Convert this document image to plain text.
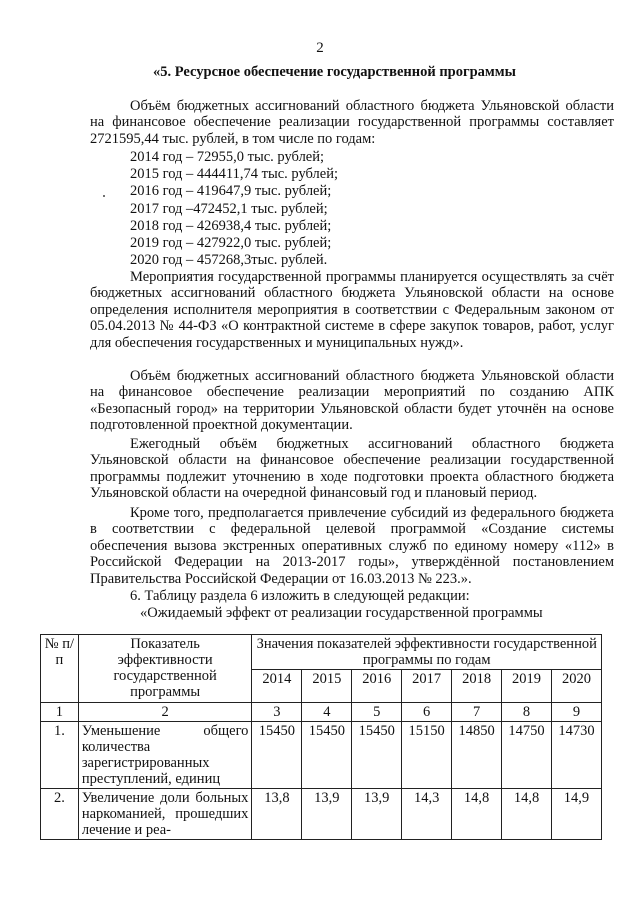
2
«5. Ресурсное обеспечение государственной программы
Объём бюджетных ассигнований областного бюджета Ульяновской области на финансовое обеспечение реализации государственной программы составляет 2721595,44 тыс. рублей, в том числе по годам:
2014 год – 72955,0 тыс. рублей;
2015 год – 444411,74 тыс. рублей;
2016 год – 419647,9 тыс. рублей;
2017 год –472452,1 тыс. рублей;
2018 год – 426938,4 тыс. рублей;
2019 год – 427922,0 тыс. рублей;
2020 год – 457268,3тыс. рублей.
Мероприятия государственной программы планируется осуществлять за счёт бюджетных ассигнований областного бюджета Ульяновской области на основе определения исполнителя мероприятия в соответствии с Федеральным законом от 05.04.2013 № 44-ФЗ «О контрактной системе в сфере закупок товаров, работ, услуг для обеспечения государственных и муниципальных нужд».
Объём бюджетных ассигнований областного бюджета Ульяновской области на финансовое обеспечение реализации мероприятий по созданию АПК «Безопасный город» на территории Ульяновской области будет уточнён на основе подготовленной проектной документации.
Ежегодный объём бюджетных ассигнований областного бюджета Ульяновской области на финансовое обеспечение реализации государственной программы подлежит уточнению в ходе подготовки проекта областного бюджета Ульяновской области на очередной финансовый год и плановый период.
Кроме того, предполагается привлечение субсидий из федерального бюджета в соответствии с федеральной целевой программой «Создание системы обеспечения вызова экстренных оперативных служб по единому номеру «112» в Российской Федерации на 2013-2017 годы», утверждённой постановлением Правительства Российской Федерации от 16.03.2013 № 223.».
6. Таблицу раздела 6 изложить в следующей редакции:
«Ожидаемый эффект от реализации государственной программы
№ п/п	Показатель эффективности государственной программы	Значения показателей эффективности государственной программы по годам						
		2014	2015	2016	2017	2018	2019	2020
1	2	3	4	5	6	7	8	9
1.	Уменьшение общего количества зарегистрированных преступлений, единиц	15450	15450	15450	15150	14850	14750	14730
2.	Увеличение доли больных наркоманией, прошедших лечение и реа-	13,8	13,9	13,9	14,3	14,8	14,8	14,9
